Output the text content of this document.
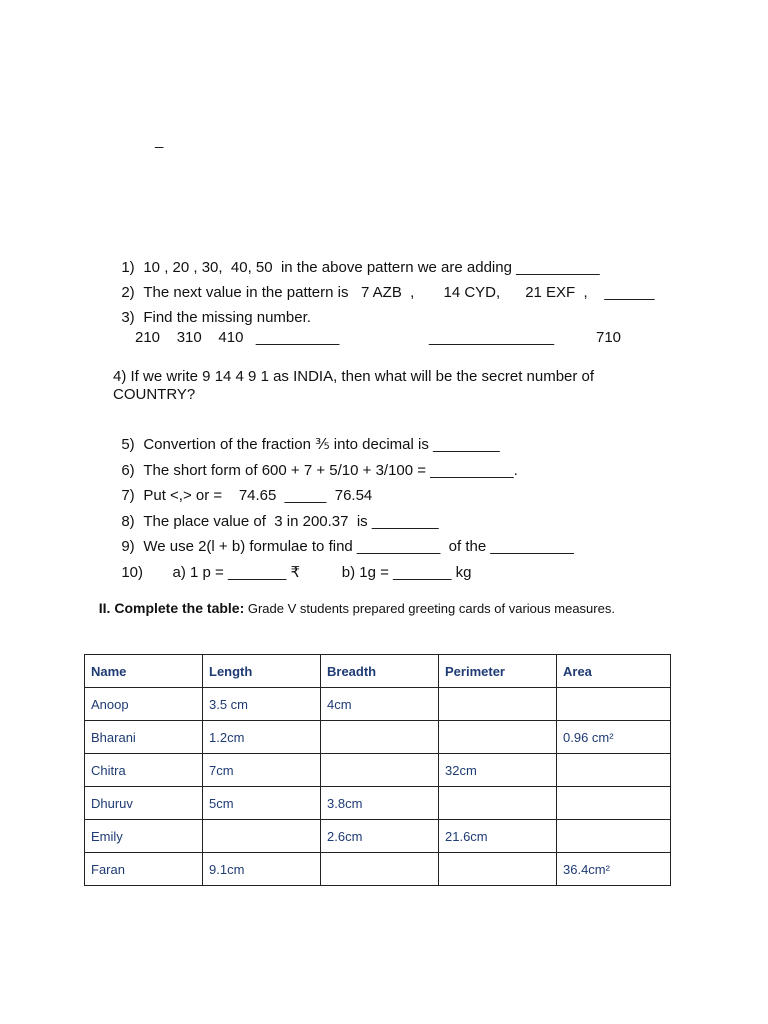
_

1) 10 , 20 , 30,  40, 50  in the above pattern we are adding __________

2) The next value in the pattern is   7 AZB  ,       14 CYD,      21 EXF  ,    ______

3) Find the missing number.

210    310    410   __________	_______________	710
4) If we write 9 14 4 9 1 as INDIA, then what will be the secret number of
COUNTRY?

5) Convertion of the fraction ⅗ into decimal is ________

6) The short form of 600 + 7 + 5/10 + 3/100 = __________.

7) Put <,> or =    74.65  _____  76.54

8) The place value of  3 in 200.37  is ________

9) We use 2(l + b) formulae to find __________  of the __________

10)       a) 1 p = _______ ₹          b) 1g = _______ kg

II. Complete the table: Grade V students prepared greeting cards of various measures.

Name	Length	Breadth	Perimeter	Area
Anoop	3.5 cm	4cm		
Bharani	1.2cm			0.96 cm²
Chitra	7cm		32cm	
Dhuruv	5cm	3.8cm		
Emily		2.6cm	21.6cm	
Faran	9.1cm			36.4cm²
